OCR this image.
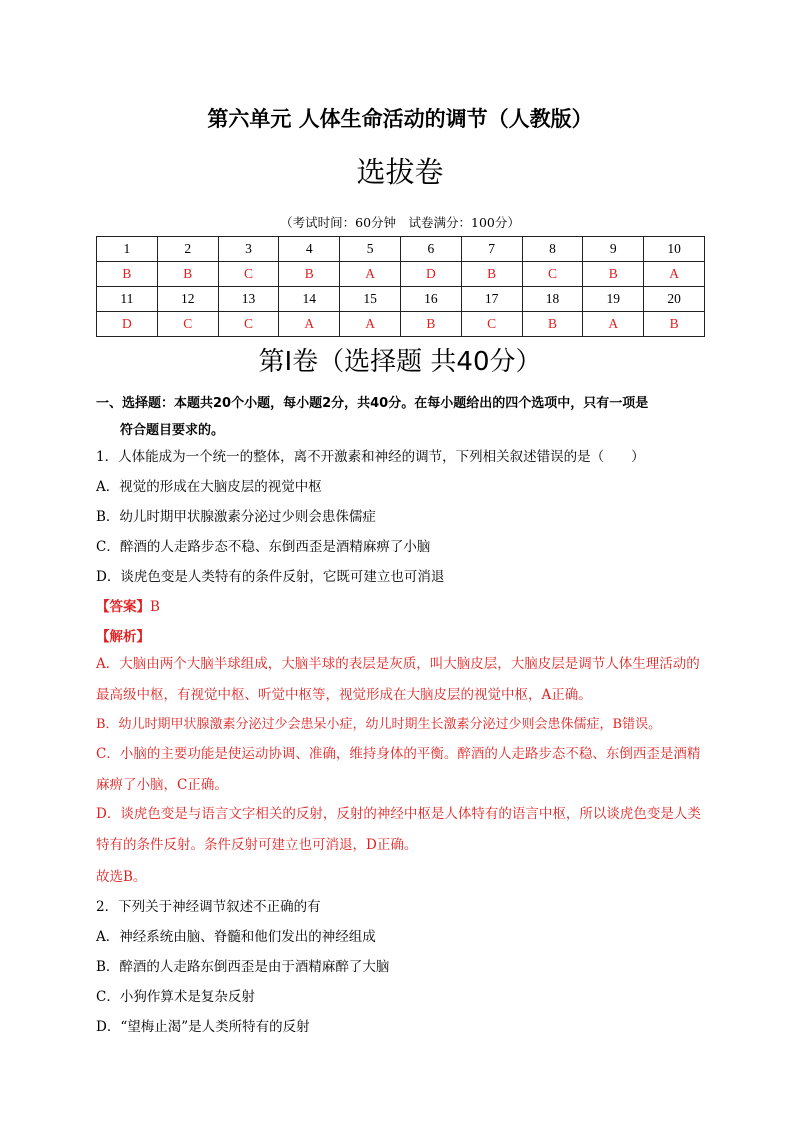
第六单元 人体生命活动的调节（人教版）
选拔卷
（考试时间：60分钟　试卷满分：100分）
1	2	3	4	5	6	7	8	9	10
B	B	C	B	A	D	B	C	B	A
11	12	13	14	15	16	17	18	19	20
D	C	C	A	A	B	C	B	A	B
第Ⅰ卷（选择题 共40分）
一、选择题：本题共20个小题，每小题2分，共40分。在每小题给出的四个选项中，只有一项是
符合题目要求的。
1．人体能成为一个统一的整体，离不开激素和神经的调节，下列相关叙述错误的是（　　）
A．视觉的形成在大脑皮层的视觉中枢
B．幼儿时期甲状腺激素分泌过少则会患侏儒症
C．醉酒的人走路步态不稳、东倒西歪是酒精麻痹了小脑
D．谈虎色变是人类特有的条件反射，它既可建立也可消退
【答案】B
【解析】
A．大脑由两个大脑半球组成，大脑半球的表层是灰质，叫大脑皮层，大脑皮层是调节人体生理活动的最高级中枢，有视觉中枢、听觉中枢等，视觉形成在大脑皮层的视觉中枢，A正确。
B．幼儿时期甲状腺激素分泌过少会患呆小症，幼儿时期生长激素分泌过少则会患侏儒症，B错误。
C．小脑的主要功能是使运动协调、准确，维持身体的平衡。醉酒的人走路步态不稳、东倒西歪是酒精麻痹了小脑，C正确。
D．谈虎色变是与语言文字相关的反射，反射的神经中枢是人体特有的语言中枢，所以谈虎色变是人类特有的条件反射。条件反射可建立也可消退，D正确。
故选B。
2．下列关于神经调节叙述不正确的有
A．神经系统由脑、脊髓和他们发出的神经组成
B．醉酒的人走路东倒西歪是由于酒精麻醉了大脑
C．小狗作算术是复杂反射
D．“望梅止渴”是人类所特有的反射
